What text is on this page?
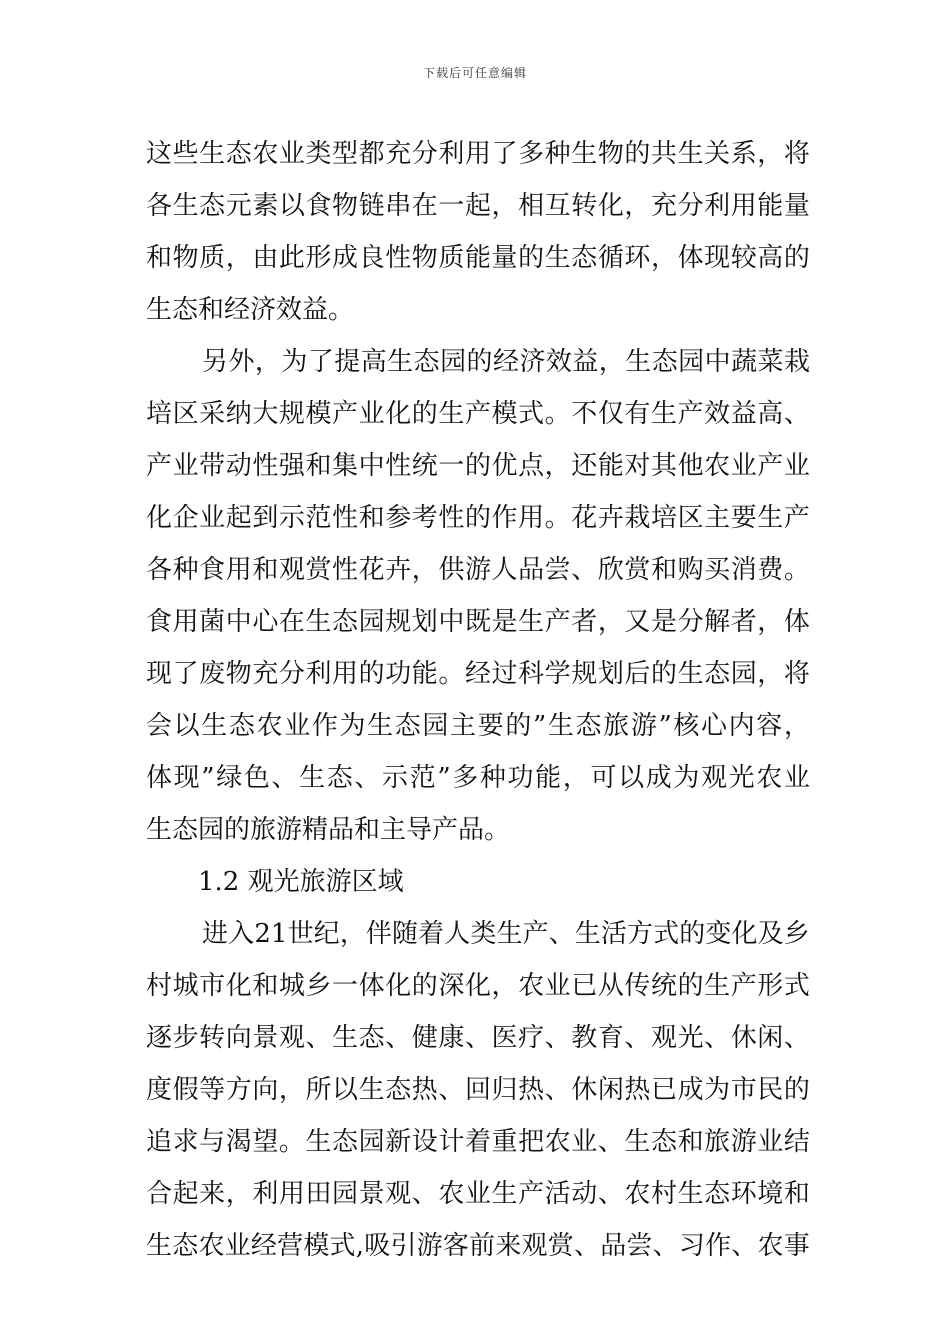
下载后可任意编辑
这 些 生 态 农 业 类 型 都 充 分 利 用 了 多 种 生 物 的 共 生 关 系 ， 将
各 生 态 元 素 以 食 物 链 串 在 一 起 ， 相 互 转 化 ， 充 分 利 用 能 量
和 物 质 ， 由 此 形 成 良 性 物 质 能 量 的 生 态 循 环 ， 体 现 较 高 的
生态和经济效益。
另 外 ， 为 了 提 高 生 态 园 的 经 济 效 益 ， 生 态 园 中 蔬 菜 栽
培 区 采 纳 大 规 模 产 业 化 的 生 产 模 式 。 不 仅 有 生 产 效 益 高 、
产 业 带 动 性 强 和 集 中 性 统 一 的 优 点 ， 还 能 对 其 他 农 业 产 业
化 企 业 起 到 示 范 性 和 参 考 性 的 作 用 。 花 卉 栽 培 区 主 要 生 产
各 种 食 用 和 观 赏 性 花 卉 ， 供 游 人 品 尝 、 欣 赏 和 购 买 消 费 。
食 用 菌 中 心 在 生 态 园 规 划 中 既 是 生 产 者 ， 又 是 分 解 者 ， 体
现 了 废 物 充 分 利 用 的 功 能 。 经 过 科 学 规 划 后 的 生 态 园 ， 将
会 以 生 态 农 业 作 为 生 态 园 主 要 的 ” 生 态 旅 游 ” 核 心 内 容 ，
体 现 ” 绿 色 、 生 态 、 示 范 ” 多 种 功 能 ， 可 以 成 为 观 光 农 业
生态园的旅游精品和主导产品。
1.2 观光旅游区域
进 入 21 世 纪 ， 伴 随 着 人 类 生 产 、 生 活 方 式 的 变 化 及 乡
村 城 市 化 和 城 乡 一 体 化 的 深 化 ， 农 业 已 从 传 统 的 生 产 形 式
逐 步 转 向 景 观 、 生 态 、 健 康 、 医 疗 、 教 育 、 观 光 、 休 闲 、
度 假 等 方 向 ， 所 以 生 态 热 、 回 归 热 、 休 闲 热 已 成 为 市 民 的
追 求 与 渴 望 。 生 态 园 新 设 计 着 重 把 农 业 、 生 态 和 旅 游 业 结
合 起 来 ， 利 用 田 园 景 观 、 农 业 生 产 活 动 、 农 村 生 态 环 境 和
生 态 农 业 经 营 模 式 , 吸 引 游 客 前 来 观 赏 、 品 尝 、 习 作 、 农 事
